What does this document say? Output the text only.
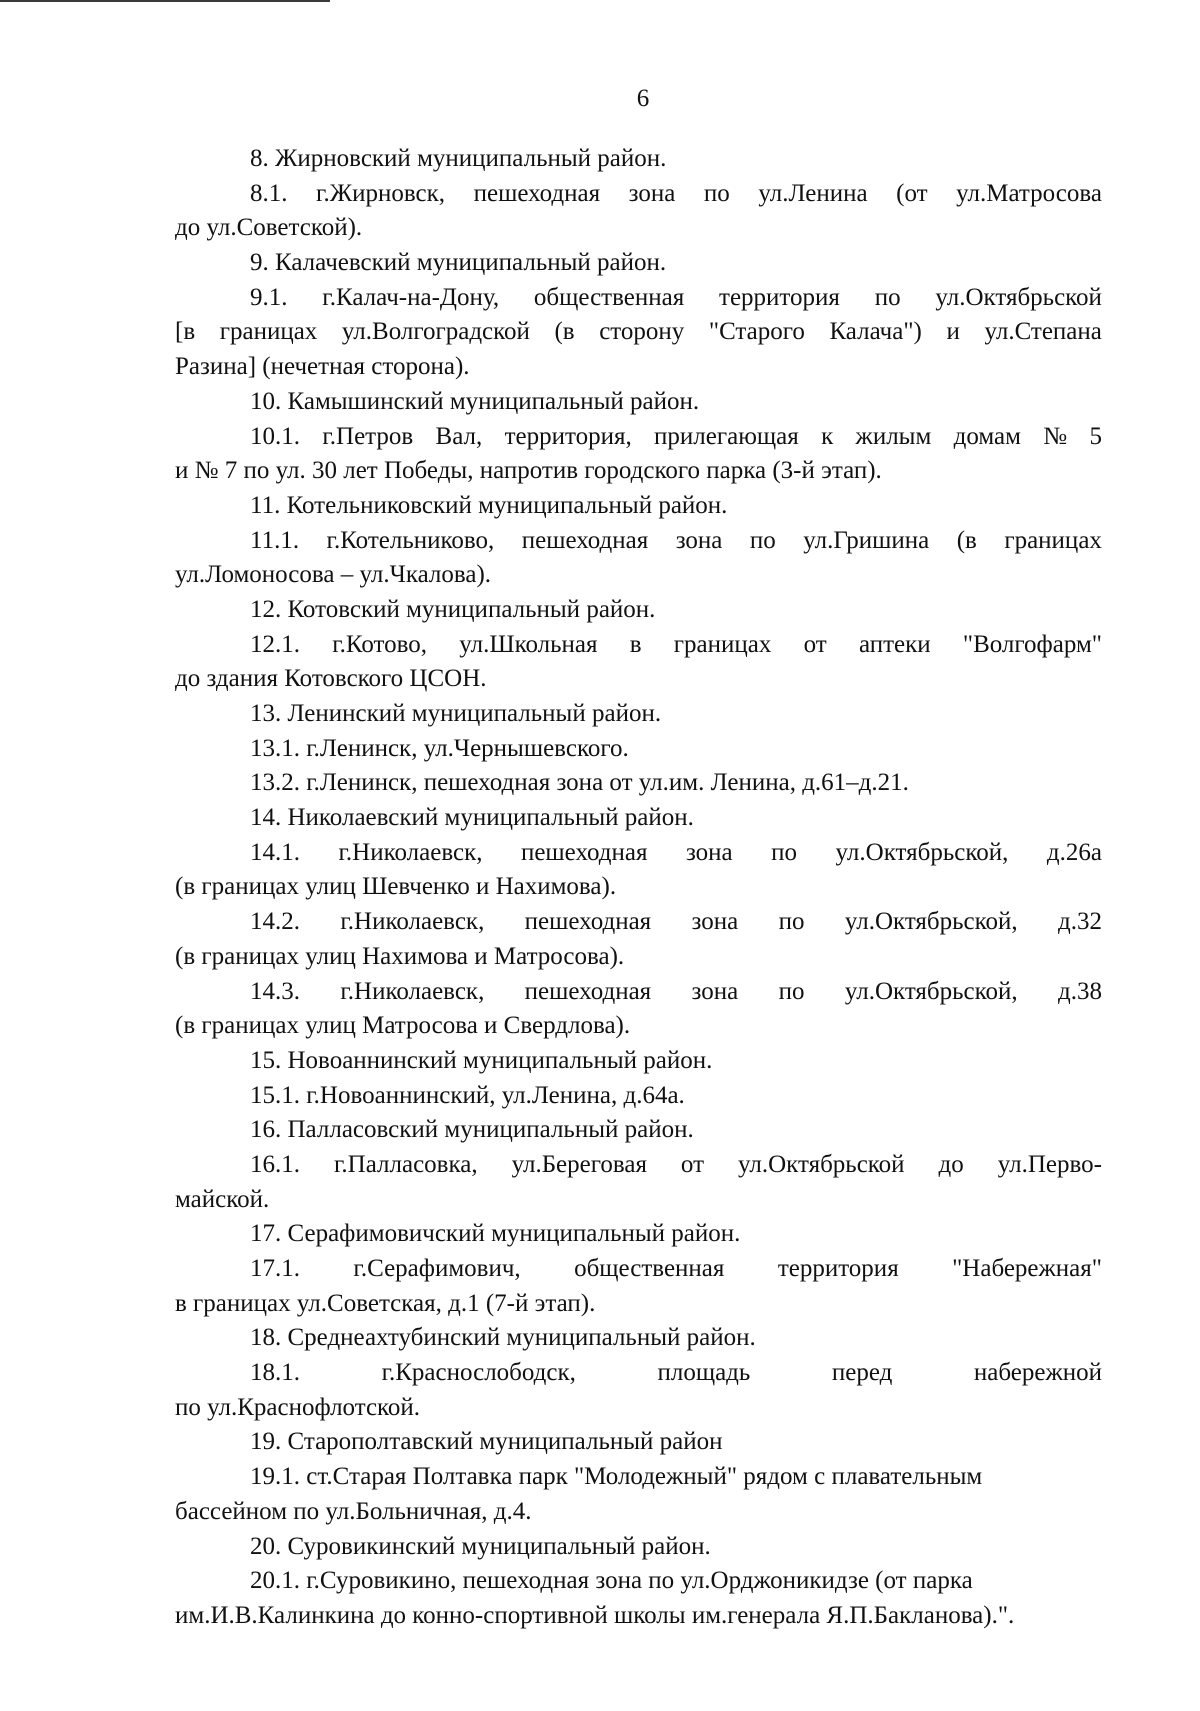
6
8. Жирновский муниципальный район.
8.1. г.Жирновск, пешеходная зона по ул.Ленина (от ул.Матросова
до ул.Советской).
9. Калачевский муниципальный район.
9.1. г.Калач-на-Дону, общественная территория по ул.Октябрьской
[в границах ул.Волгоградской (в сторону "Старого Калача") и ул.Степана
Разина] (нечетная сторона).
10. Камышинский муниципальный район.
10.1. г.Петров Вал, территория, прилегающая к жилым домам № 5
и № 7 по ул. 30 лет Победы, напротив городского парка (3-й этап).
11. Котельниковский муниципальный район.
11.1. г.Котельниково, пешеходная зона по ул.Гришина (в границах
ул.Ломоносова – ул.Чкалова).
12. Котовский муниципальный район.
12.1. г.Котово, ул.Школьная в границах от аптеки "Волгофарм"
до здания Котовского ЦСОН.
13. Ленинский муниципальный район.
13.1. г.Ленинск, ул.Чернышевского.
13.2. г.Ленинск, пешеходная зона от ул.им. Ленина, д.61–д.21.
14. Николаевский муниципальный район.
14.1. г.Николаевск, пешеходная зона по ул.Октябрьской, д.26а
(в границах улиц Шевченко и Нахимова).
14.2. г.Николаевск, пешеходная зона по ул.Октябрьской, д.32
(в границах улиц Нахимова и Матросова).
14.3. г.Николаевск, пешеходная зона по ул.Октябрьской, д.38
(в границах улиц Матросова и Свердлова).
15. Новоаннинский муниципальный район.
15.1. г.Новоаннинский, ул.Ленина, д.64а.
16. Палласовский муниципальный район.
16.1. г.Палласовка, ул.Береговая от ул.Октябрьской до ул.Перво-
майской.
17. Серафимовичский муниципальный район.
17.1. г.Серафимович, общественная территория "Набережная"
в границах ул.Советская, д.1 (7-й этап).
18. Среднеахтубинский муниципальный район.
18.1.	г.Краснослободск,	площадь	перед	набережной
по ул.Краснофлотской.
19. Старополтавский муниципальный район
19.1. ст.Старая Полтавка парк "Молодежный" рядом с плавательным
бассейном по ул.Больничная, д.4.
20. Суровикинский муниципальный район.
20.1. г.Суровикино, пешеходная зона по ул.Орджоникидзе (от парка
им.И.В.Калинкина до конно-спортивной школы им.генерала Я.П.Бакланова).".
